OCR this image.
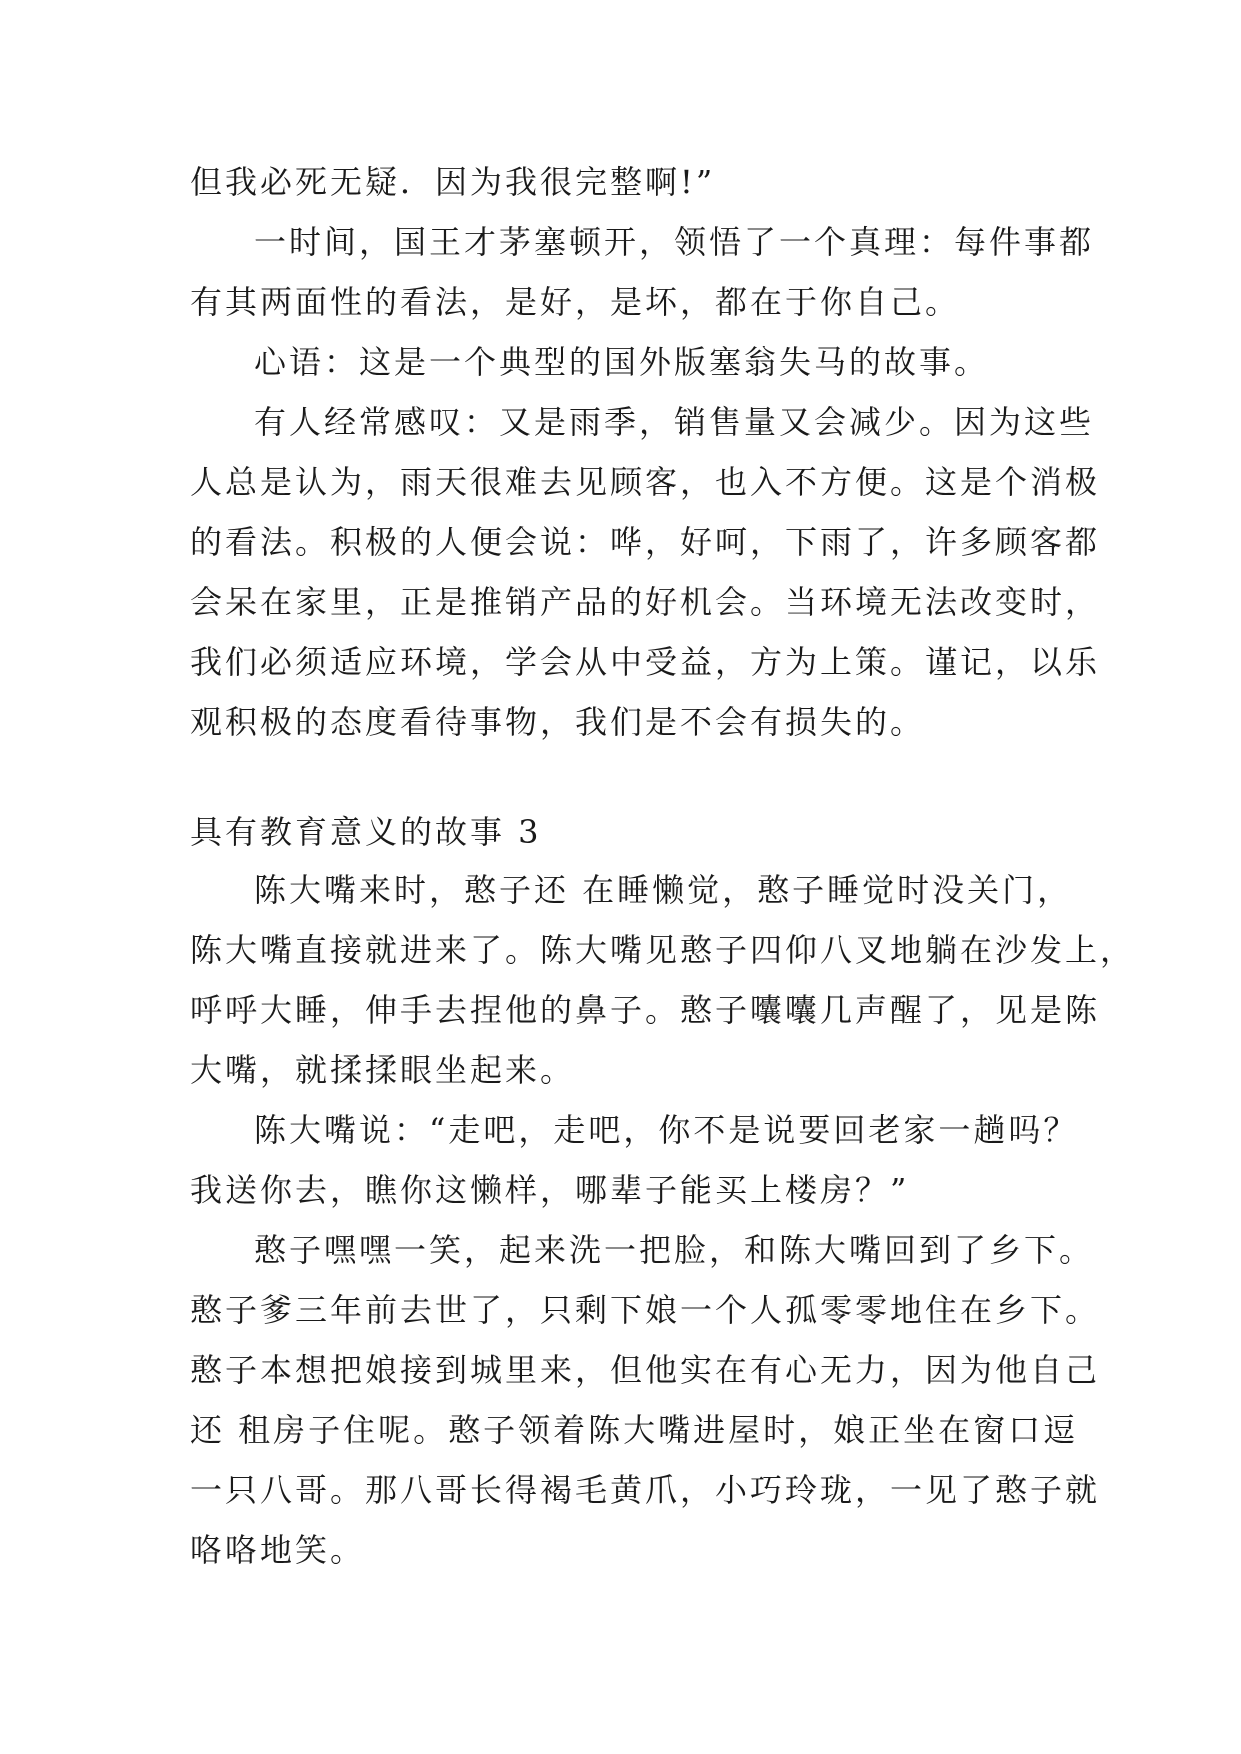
但我必死无疑．因为我很完整啊!”
一时间，国王才茅塞顿开，领悟了一个真理：每件事都
有其两面性的看法，是好，是坏，都在于你自己。
心语：这是一个典型的国外版塞翁失马的故事。
有人经常感叹：又是雨季，销售量又会减少。因为这些
人总是认为，雨天很难去见顾客，也入不方便。这是个消极
的看法。积极的人便会说：哗，好呵，下雨了，许多顾客都
会呆在家里，正是推销产品的好机会。当环境无法改变时，
我们必须适应环境，学会从中受益，方为上策。谨记，以乐
观积极的态度看待事物，我们是不会有损失的。
具有教育意义的故事 3
陈大嘴来时，憨子还 在睡懒觉，憨子睡觉时没关门，
陈大嘴直接就进来了。陈大嘴见憨子四仰八叉地躺在沙发上，
呼呼大睡，伸手去捏他的鼻子。憨子囔囔几声醒了，见是陈
大嘴，就揉揉眼坐起来。
陈大嘴说：“走吧，走吧，你不是说要回老家一趟吗？
我送你去，瞧你这懒样，哪辈子能买上楼房？”
憨子嘿嘿一笑，起来洗一把脸，和陈大嘴回到了乡下。
憨子爹三年前去世了，只剩下娘一个人孤零零地住在乡下。
憨子本想把娘接到城里来，但他实在有心无力，因为他自己
还 租房子住呢。憨子领着陈大嘴进屋时，娘正坐在窗口逗
一只八哥。那八哥长得褐毛黄爪，小巧玲珑，一见了憨子就
咯咯地笑。
